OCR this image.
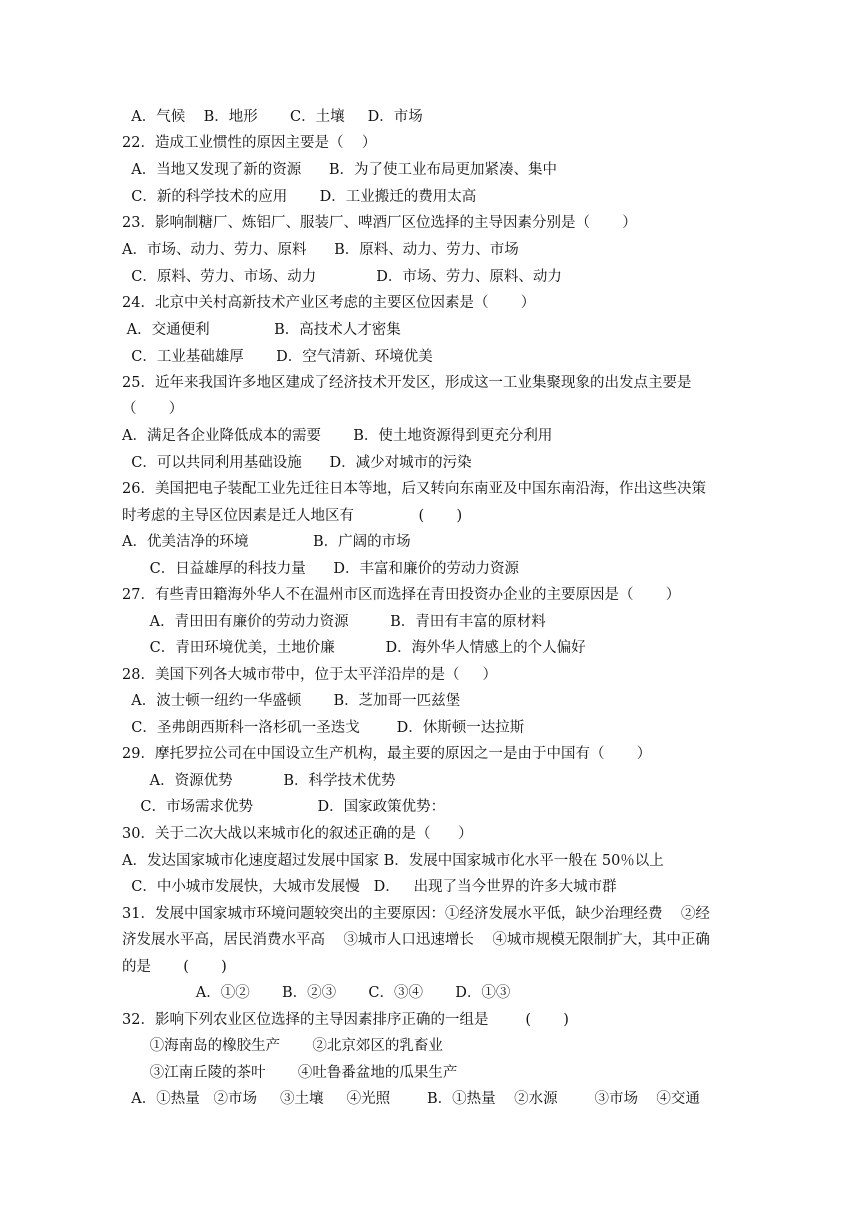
A．气候    B．地形       C．土壤     D．市场
22．造成工业惯性的原因主要是（    ）
A．当地又发现了新的资源      B．为了使工业布局更加紧凑、集中
C．新的科学技术的应用       D．工业搬迁的费用太高
23．影响制糖厂、炼铝厂、服装厂、啤酒厂区位选择的主导因素分别是（       ）
A．市场、动力、劳力、原料      B．原料、动力、劳力、市场
C．原料、劳力、市场、动力             D．市场、劳力、原料、动力
24．北京中关村高新技术产业区考虑的主要区位因素是（       ）
A．交通便利              B．高技术人才密集
C．工业基础雄厚       D．空气清新、环境优美
25．近年来我国许多地区建成了经济技术开发区，形成这一工业集聚现象的出发点主要是
（       ）
A．满足各企业降低成本的需要       B．使土地资源得到更充分利用
C．可以共同利用基础设施      D．减少对城市的污染
26．美国把电子装配工业先迁往日本等地，后又转向东南亚及中国东南沿海，作出这些决策
时考虑的主导区位因素是迁人地区有              (       )
A．优美洁净的环境              B．广阔的市场
C．日益雄厚的科技力量      D．丰富和廉价的劳动力资源
27．有些青田籍海外华人不在温州市区而选择在青田投资办企业的主要原因是（       ）
A．青田田有廉价的劳动力资源         B．青田有丰富的原材料
C．青田环境优美，土地价廉           D．海外华人情感上的个人偏好
28．美国下列各大城市带中，位于太平洋沿岸的是（     ）
A．波士顿一纽约一华盛顿       B．芝加哥一匹兹堡
C．圣弗朗西斯科一洛杉矶一圣迭戈        D．休斯顿一达拉斯
29．摩托罗拉公司在中国设立生产机构，最主要的原因之一是由于中国有（       ）
A．资源优势           B．科学技术优势
C．市场需求优势              D．国家政策优势：
30．关于二次大战以来城市化的叙述正确的是（      ）
A．发达国家城市化速度超过发展中国家 B．发展中国家城市化水平一般在 50％以上
C．中小城市发展快，大城市发展慢   D．   出现了当今世界的许多大城市群
31．发展中国家城市环境问题较突出的主要原因：①经济发展水平低，缺少治理经费    ②经
济发展水平高，居民消费水平高    ③城市人口迅速增长    ④城市规模无限制扩大，其中正确
的是       (       )
A．①②       B．②③       C．③④       D．①③
32．影响下列农业区位选择的主导因素排序正确的一组是        (       )
①海南岛的橡胶生产       ②北京郊区的乳畜业
③江南丘陵的茶叶       ④吐鲁番盆地的瓜果生产
A．①热量   ②市场     ③土壤     ④光照        B．①热量    ②水源        ③市场    ④交通
